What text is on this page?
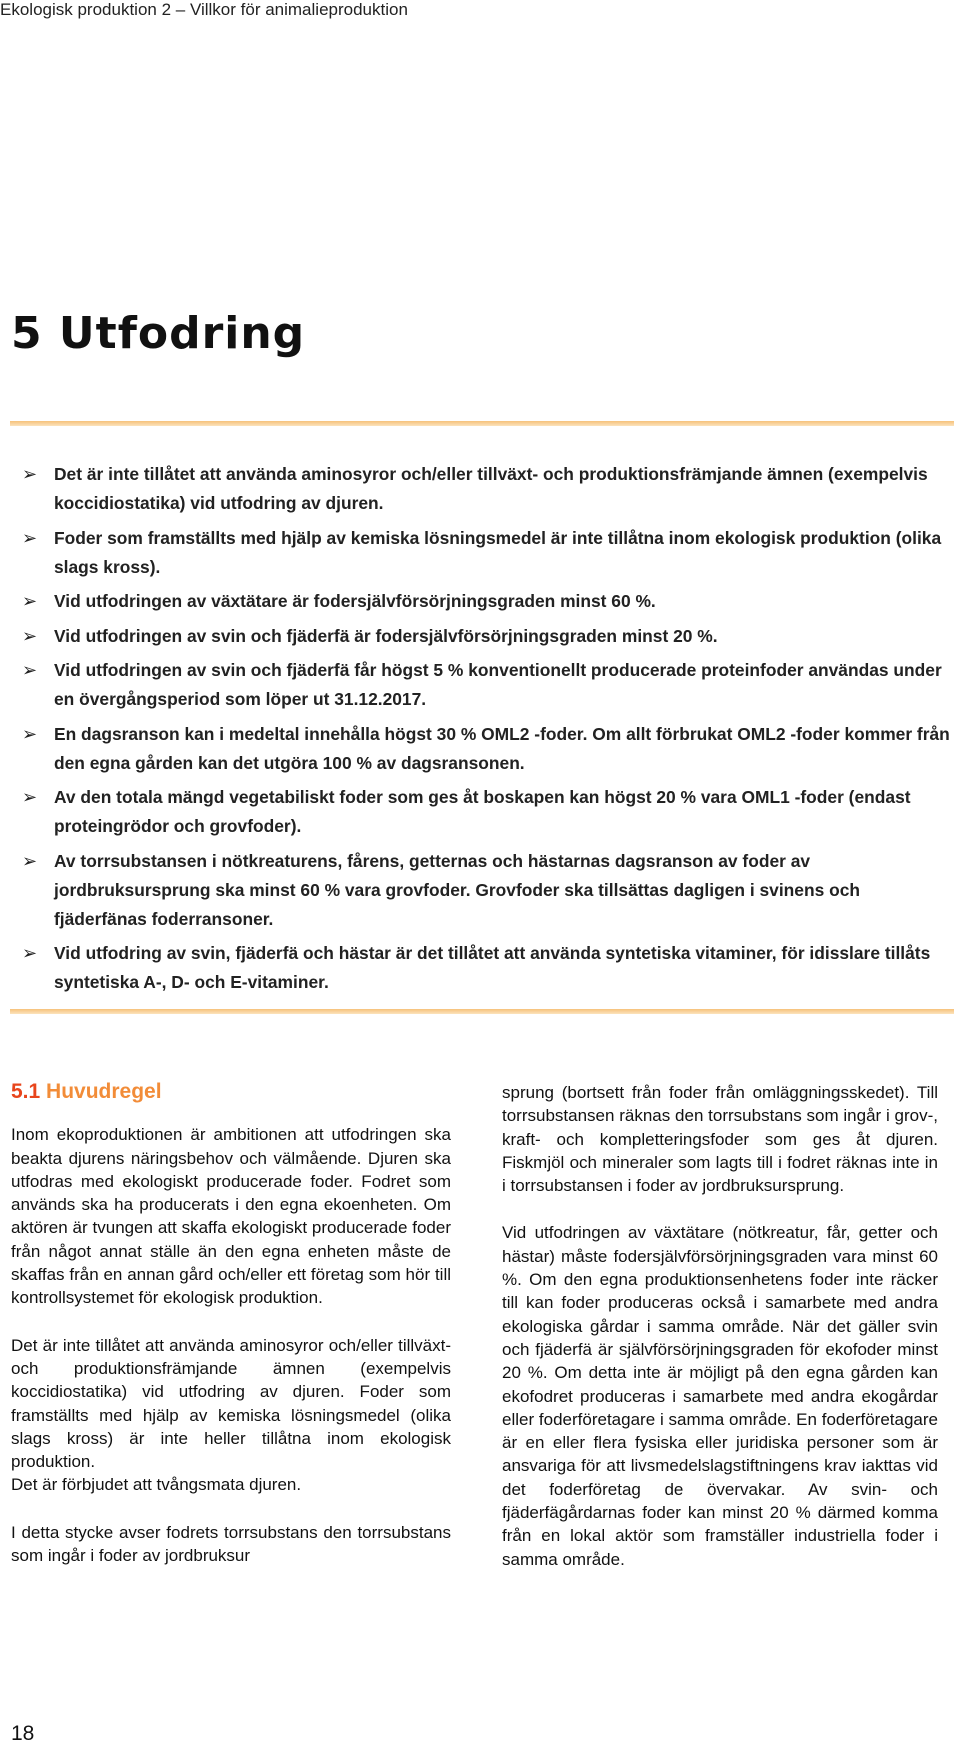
Ekologisk produktion 2 – Villkor för animalieproduktion
5 Utfodring
➢ Det är inte tillåtet att använda aminosyror och/eller tillväxt- och produktionsfrämjande ämnen (exempelvis koccidiostatika) vid utfodring av djuren.
➢ Foder som framställts med hjälp av kemiska lösningsmedel är inte tillåtna inom ekologisk produktion (olika slags kross).
➢ Vid utfodringen av växtätare är fodersjälvförsörjningsgraden minst 60 %.
➢ Vid utfodringen av svin och fjäderfä är fodersjälvförsörjningsgraden minst 20 %.
➢ Vid utfodringen av svin och fjäderfä får högst 5 % konventionellt producerade proteinfoder användas under en övergångsperiod som löper ut 31.12.2017.
➢ En dagsranson kan i medeltal innehålla högst 30 % OML2 -foder. Om allt förbrukat OML2 -foder kommer från den egna gården kan det utgöra 100 % av dagsransonen.
➢ Av den totala mängd vegetabiliskt foder som ges åt boskapen kan högst 20 % vara OML1 -foder (endast proteingrödor och grovfoder).
➢ Av torrsubstansen i nötkreaturens, fårens, getternas och hästarnas dagsranson av foder av jordbruksursprung ska minst 60 % vara grovfoder. Grovfoder ska tillsättas dagligen i svinens och fjäderfänas foderransoner.
➢ Vid utfodring av svin, fjäderfä och hästar är det tillåtet att använda syntetiska vitaminer, för idisslare tillåts syntetiska A-, D- och E-vitaminer.
5.1 Huvudregel

Inom ekoproduktionen är ambitionen att utfodringen ska beakta djurens näringsbehov och välmående. Djuren ska utfodras med ekologiskt producerade foder. Fodret som används ska ha producerats i den egna ekoenheten. Om aktören är tvungen att skaffa ekologiskt producerade foder från något annat ställe än den egna enheten måste de skaffas från en annan gård och/eller ett företag som hör till kontrollsystemet för ekologisk produktion.

Det är inte tillåtet att använda aminosyror och/eller tillväxt- och produktionsfrämjande ämnen (exempelvis koccidiostatika) vid utfodring av djuren. Foder som framställts med hjälp av kemiska lösningsmedel (olika slags kross) är inte heller tillåtna inom ekologisk produktion.

Det är förbjudet att tvångsmata djuren.

I detta stycke avser fodrets torrsubstans den torrsubstans som ingår i foder av jordbruksur

sprung (bortsett från foder från omläggningsskedet). Till torrsubstansen räknas den torrsubstans som ingår i grov-, kraft- och kompletteringsfoder som ges åt djuren. Fiskmjöl och mineraler som lagts till i fodret räknas inte in i torrsubstansen i foder av jordbruksursprung.

Vid utfodringen av växtätare (nötkreatur, får, getter och hästar) måste fodersjälvförsörjningsgraden vara minst 60 %. Om den egna produktionsenhetens foder inte räcker till kan foder produceras också i samarbete med andra ekologiska gårdar i samma område. När det gäller svin och fjäderfä är självförsörjningsgraden för ekofoder minst 20 %. Om detta inte är möjligt på den egna gården kan ekofodret produceras i samarbete med andra ekogårdar eller foderföretagare i samma område. En foderföretagare är en eller flera fysiska eller juridiska personer som är ansvariga för att livsmedelslagstiftningens krav iakttas vid det foderföretag de övervakar. Av svin- och fjäderfägårdarnas foder kan minst 20 % därmed komma från en lokal aktör som framställer industriella foder i samma område.

18
